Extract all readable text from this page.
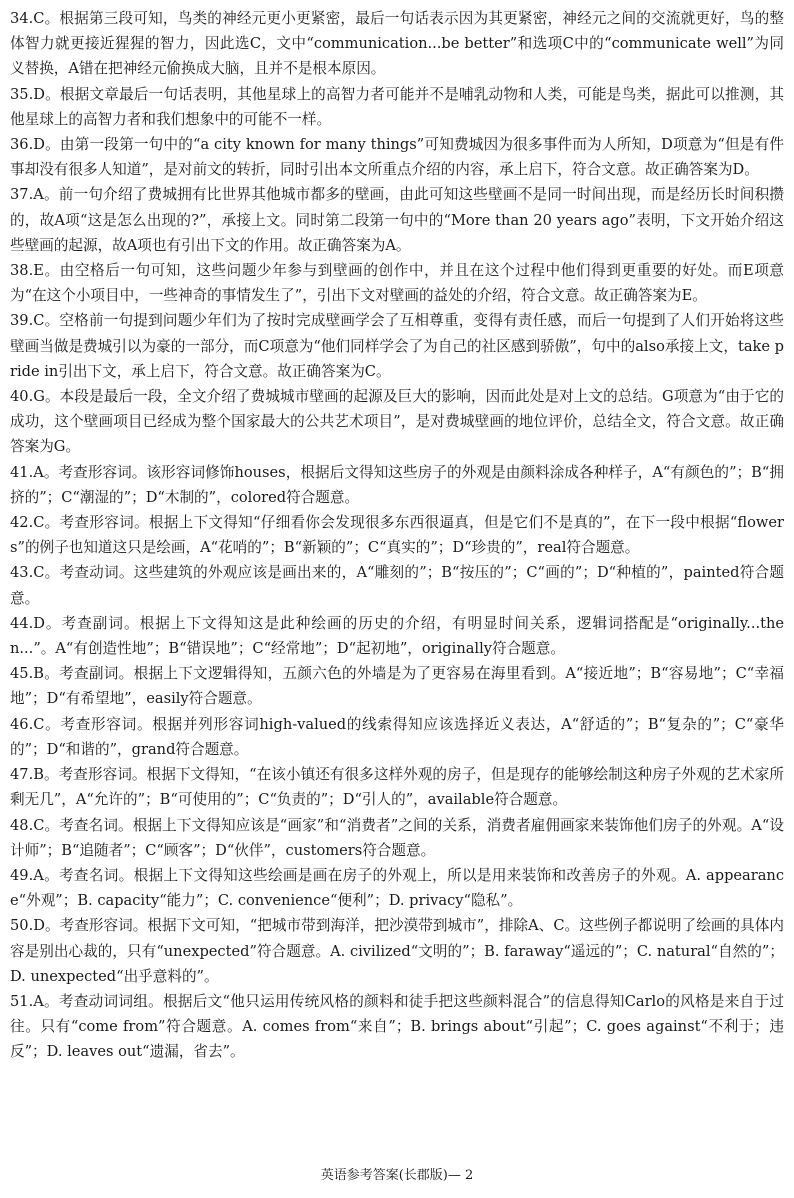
34.C。根据第三段可知，鸟类的神经元更小更紧密，最后一句话表示因为其更紧密，神经元之间的交流就更好，鸟的整体智力就更接近猩猩的智力，因此选C，文中“communication...be better”和选项C中的“communicate well”为同义替换，A错在把神经元偷换成大脑，且并不是根本原因。

35.D。根据文章最后一句话表明，其他星球上的高智力者可能并不是哺乳动物和人类，可能是鸟类，据此可以推测，其他星球上的高智力者和我们想象中的可能不一样。

36.D。由第一段第一句中的“a city known for many things”可知费城因为很多事件而为人所知，D项意为“但是有件事却没有很多人知道”，是对前文的转折，同时引出本文所重点介绍的内容，承上启下，符合文意。故正确答案为D。

37.A。前一句介绍了费城拥有比世界其他城市都多的壁画，由此可知这些壁画不是同一时间出现，而是经历长时间积攒的，故A项“这是怎么出现的?”，承接上文。同时第二段第一句中的“More than 20 years ago”表明，下文开始介绍这些壁画的起源，故A项也有引出下文的作用。故正确答案为A。

38.E。由空格后一句可知，这些问题少年参与到壁画的创作中，并且在这个过程中他们得到更重要的好处。而E项意为“在这个小项目中，一些神奇的事情发生了”，引出下文对壁画的益处的介绍，符合文意。故正确答案为E。

39.C。空格前一句提到问题少年们为了按时完成壁画学会了互相尊重，变得有责任感，而后一句提到了人们开始将这些壁画当做是费城引以为豪的一部分，而C项意为“他们同样学会了为自己的社区感到骄傲”，句中的also承接上文，take pride in引出下文，承上启下，符合文意。故正确答案为C。

40.G。本段是最后一段，全文介绍了费城城市壁画的起源及巨大的影响，因而此处是对上文的总结。G项意为“由于它的成功，这个壁画项目已经成为整个国家最大的公共艺术项目”，是对费城壁画的地位评价，总结全文，符合文意。故正确答案为G。

41.A。考查形容词。该形容词修饰houses，根据后文得知这些房子的外观是由颜料涂成各种样子，A“有颜色的”；B“拥挤的”；C“潮湿的”；D“木制的”，colored符合题意。

42.C。考查形容词。根据上下文得知“仔细看你会发现很多东西很逼真，但是它们不是真的”，在下一段中根据“flowers”的例子也知道这只是绘画，A“花哨的”；B“新颖的”；C“真实的”；D“珍贵的”，real符合题意。

43.C。考查动词。这些建筑的外观应该是画出来的，A“雕刻的”；B“按压的”；C“画的”；D“种植的”，painted符合题意。

44.D。考查副词。根据上下文得知这是此种绘画的历史的介绍，有明显时间关系，逻辑词搭配是“originally...then...”。A“有创造性地”；B“错误地”；C“经常地”；D“起初地”，originally符合题意。

45.B。考查副词。根据上下文逻辑得知，五颜六色的外墙是为了更容易在海里看到。A“接近地”；B“容易地”；C“幸福地”；D“有希望地”，easily符合题意。

46.C。考查形容词。根据并列形容词high-valued的线索得知应该选择近义表达，A“舒适的”；B“复杂的”；C“豪华的”；D“和谐的”，grand符合题意。

47.B。考查形容词。根据下文得知，“在该小镇还有很多这样外观的房子，但是现存的能够绘制这种房子外观的艺术家所剩无几”，A“允许的”；B“可使用的”；C“负责的”；D“引人的”，available符合题意。

48.C。考查名词。根据上下文得知应该是“画家”和“消费者”之间的关系，消费者雇佣画家来装饰他们房子的外观。A“设计师”；B“追随者”；C“顾客”；D“伙伴”，customers符合题意。

49.A。考查名词。根据上下文得知这些绘画是画在房子的外观上，所以是用来装饰和改善房子的外观。A. appearance“外观”；B. capacity“能力”；C. convenience“便利”；D. privacy“隐私”。

50.D。考查形容词。根据下文可知，“把城市带到海洋，把沙漠带到城市”，排除A、C。这些例子都说明了绘画的具体内容是别出心裁的，只有“unexpected”符合题意。A. civilized“文明的”；B. faraway“遥远的”；C. natural“自然的”；D. unexpected“出乎意料的”。

51.A。考查动词词组。根据后文“他只运用传统风格的颜料和徒手把这些颜料混合”的信息得知Carlo的风格是来自于过往。只有“come from”符合题意。A. comes from“来自”；B. brings about“引起”；C. goes against“不利于；违反”；D. leaves out“遗漏，省去”。

英语参考答案(长郡版)— 2
